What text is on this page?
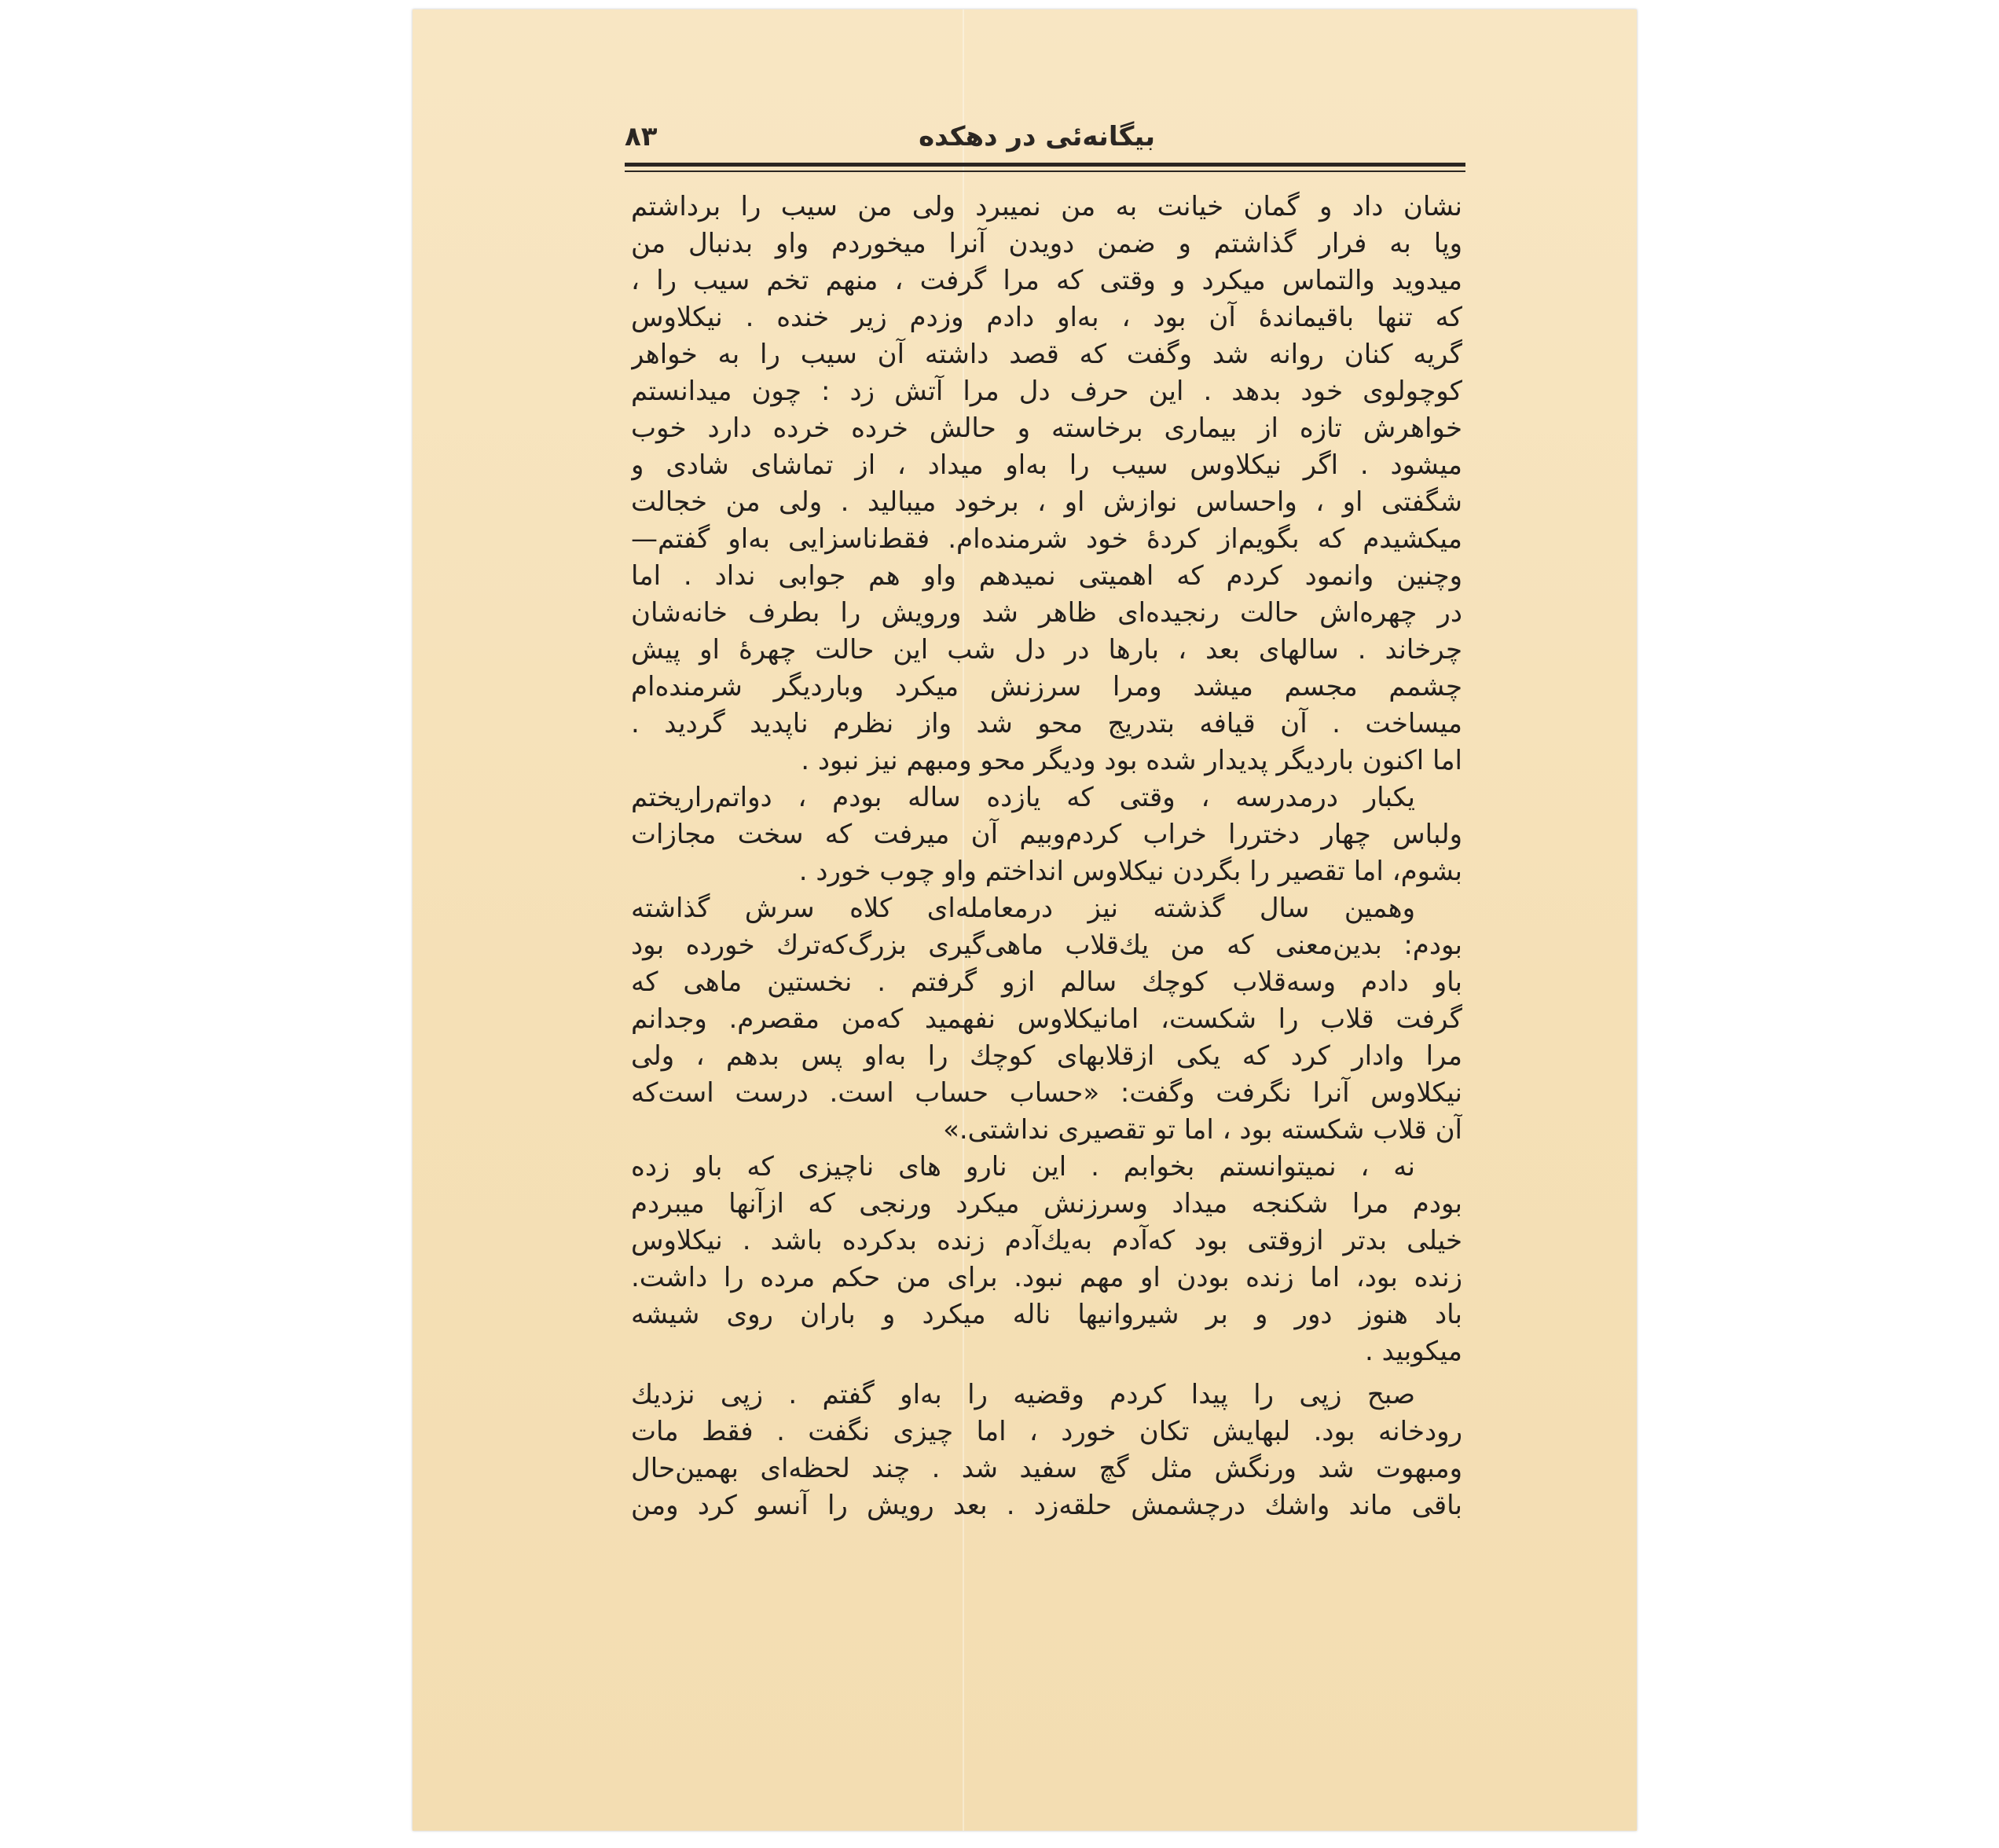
بیگانه‌ئی در دهکده
۸۳
نشان داد و گمان خیانت به من نمیبرد ولی من سیب را برداشتم
وپا به فرار گذاشتم و ضمن دویدن آنرا میخوردم واو بدنبال من
میدوید والتماس میکرد و وقتی که مرا گرفت ، منهم تخم سیب را ،
که تنها باقیماندهٔ آن بود ، به‌او دادم وزدم زیر خنده . نیکلاوس
گریه کنان روانه شد وگفت که قصد داشته آن سیب را به خواهر
کوچولوی خود بدهد . این حرف دل مرا آتش زد : چون میدانستم
خواهرش تازه از بیماری برخاسته و حالش خرده خرده دارد خوب
میشود . اگر نیکلاوس سیب را به‌او میداد ، از تماشای شادی و
شگفتی او ، واحساس نوازش او ، برخود میبالید . ولی من خجالت
میکشیدم که بگویم‌از کردهٔ خود شرمنده‌ام. فقط‌ناسزایی به‌او گفتم—
وچنین وانمود کردم که اهمیتی نمیدهم واو هم جوابی نداد . اما
در چهره‌اش حالت رنجیده‌ای ظاهر شد ورویش را بطرف خانه‌شان
چرخاند . سالهای بعد ، بارها در دل شب این حالت چهرهٔ او پیش
چشمم مجسم میشد ومرا سرزنش میکرد وباردیگر شرمنده‌ام
میساخت . آن قیافه بتدریج محو شد واز نظرم ناپدید گردید .
اما اکنون باردیگر پدیدار شده بود ودیگر محو ومبهم نیز نبود .
یکبار درمدرسه ، وقتی که یازده ساله بودم ، دواتم‌راریختم
ولباس چهار دختررا خراب کردم‌وبیم آن میرفت که سخت مجازات
بشوم، اما تقصیر را بگردن نیکلاوس انداختم واو چوب خورد .
وهمین سال گذشته نیز درمعامله‌ای کلاه سرش گذاشته
بودم: بدین‌معنی که من یك‌قلاب ماهی‌گیری بزرگ‌که‌ترك خورده بود
باو دادم وسه‌قلاب کوچك سالم ازو گرفتم . نخستین ماهی که
گرفت قلاب را شکست، امانیکلاوس نفهمید که‌من مقصرم. وجدانم
مرا وادار کرد که یکی ازقلابهای کوچك را به‌او پس بدهم ، ولی
نیکلاوس آنرا نگرفت وگفت: «حساب حساب است. درست است‌که
آن قلاب شکسته بود ، اما تو تقصیری نداشتی.»
نه ، نمیتوانستم بخوابم . این نارو های ناچیزی که باو زده
بودم مرا شکنجه میداد وسرزنش میکرد ورنجی که ازآنها میبردم
خیلی بدتر ازوقتی بود که‌آدم به‌یك‌آدم زنده بدکرده باشد . نیکلاوس
زنده بود، اما زنده بودن او مهم نبود. برای من حکم مرده را داشت.
باد هنوز دور و بر شیروانیها ناله میکرد و باران روی شیشه
میکوبید .
صبح زپی را پیدا کردم وقضیه را به‌او گفتم . زپی نزدیك
رودخانه بود. لبهایش تکان خورد ، اما چیزی نگفت . فقط مات
ومبهوت شد ورنگش مثل گچ سفید شد . چند لحظه‌ای بهمین‌حال
باقی ماند واشك درچشمش حلقه‌زد . بعد رویش را آنسو کرد ومن
